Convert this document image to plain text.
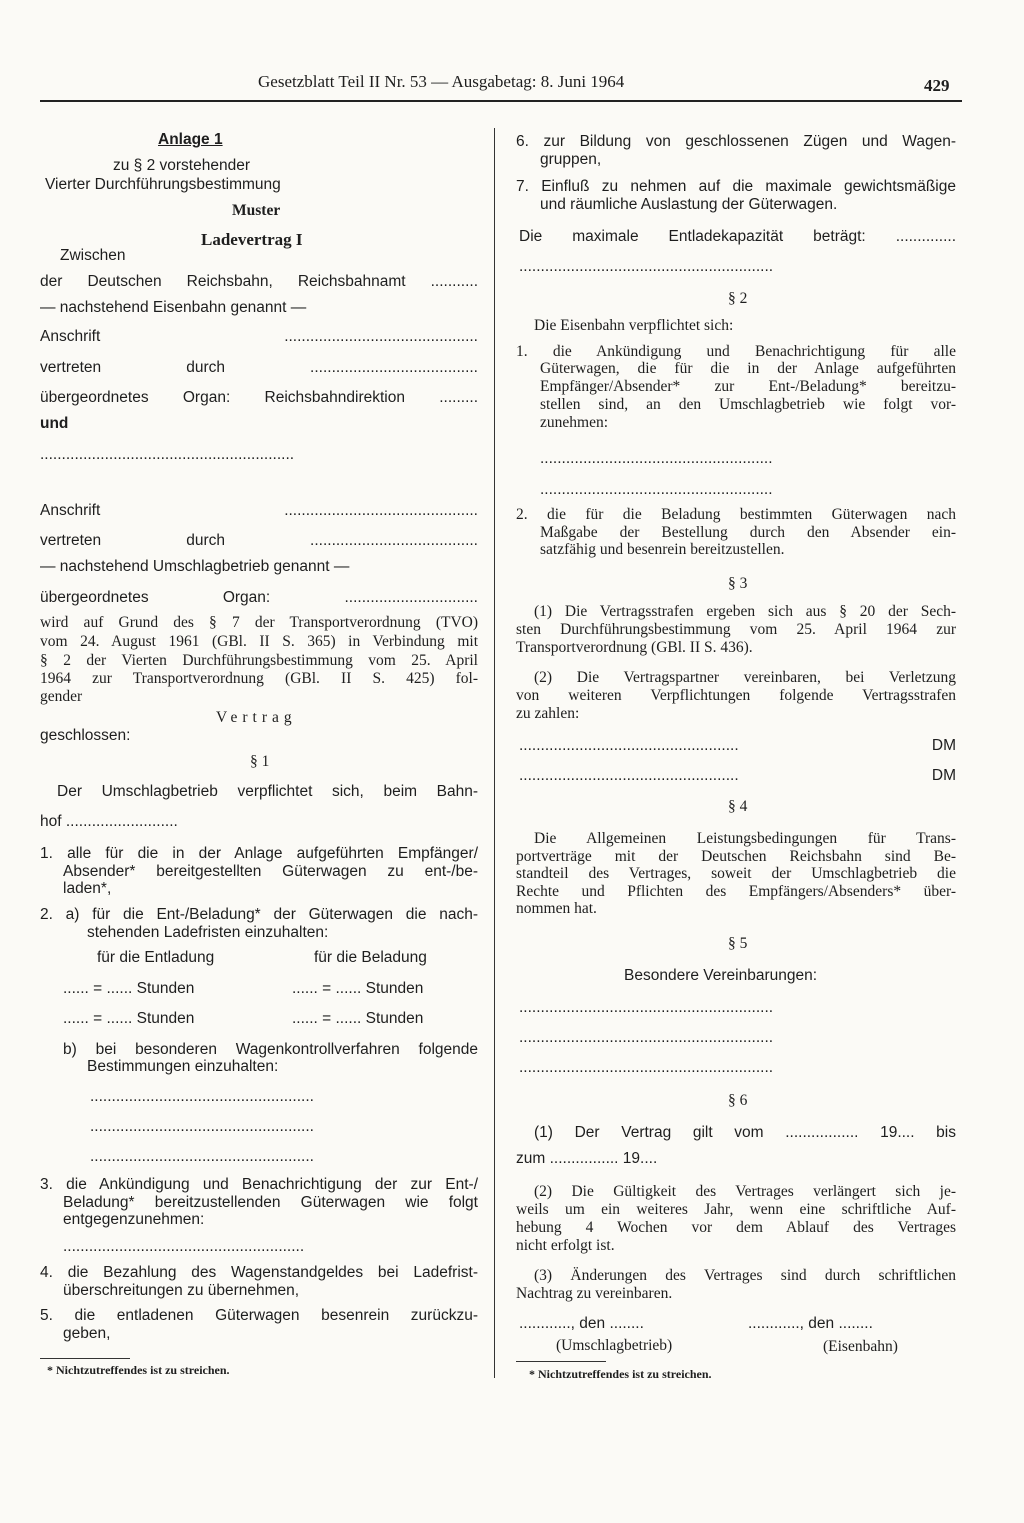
Gesetzblatt Teil II Nr. 53 — Ausgabetag: 8. Juni 1964	429
Anlage 1
zu § 2 vorstehender
Vierter Durchführungsbestimmung
Muster
Ladevertrag I
Zwischen
der Deutschen Reichsbahn, Reichsbahnamt ...........
— nachstehend Eisenbahn genannt —
Anschrift .............................................
vertreten durch .......................................
übergeordnetes Organ: Reichsbahndirektion .........
und
...........................................................
Anschrift .............................................
vertreten durch .......................................
— nachstehend Umschlagbetrieb genannt —
übergeordnetes Organ: ...............................
wird auf Grund des § 7 der Transportverordnung (TVO)
vom 24. August 1961 (GBl. II S. 365) in Verbindung mit
§ 2 der Vierten Durchführungsbestimmung vom 25. April
1964 zur Transportverordnung (GBl. II S. 425) fol-
gender
Vertrag
geschlossen:
§ 1
Der Umschlagbetrieb verpflichtet sich, beim Bahn-
hof ..........................
1. alle für die in der Anlage aufgeführten Empfänger/
Absender* bereitgestellten Güterwagen zu ent-/be-
laden*,
2. a) für die Ent-/Beladung* der Güterwagen die nach-
stehenden Ladefristen einzuhalten:
für die Entladung	für die Beladung
...... = ...... Stunden	...... = ...... Stunden
...... = ...... Stunden	...... = ...... Stunden
b) bei besonderen Wagenkontrollverfahren folgende
Bestimmungen einzuhalten:
....................................................
....................................................
....................................................
3. die Ankündigung und Benachrichtigung der zur Ent-/
Beladung* bereitzustellenden Güterwagen wie folgt
entgegenzunehmen:
........................................................
4. die Bezahlung des Wagenstandgeldes bei Ladefrist-
überschreitungen zu übernehmen,
5. die entladenen Güterwagen besenrein zurückzu-
geben,
* Nichtzutreffendes ist zu streichen.
6. zur Bildung von geschlossenen Zügen und Wagen-
gruppen,
7. Einfluß zu nehmen auf die maximale gewichtsmäßige
und räumliche Auslastung der Güterwagen.
Die maximale Entladekapazität beträgt: ..............
...........................................................
§ 2
Die Eisenbahn verpflichtet sich:
1. die Ankündigung und Benachrichtigung für alle
Güterwagen, die für die in der Anlage aufgeführten
Empfänger/Absender* zur Ent-/Beladung* bereitzu-
stellen sind, an den Umschlagbetrieb wie folgt vor-
zunehmen:
......................................................
......................................................
2. die für die Beladung bestimmten Güterwagen nach
Maßgabe der Bestellung durch den Absender ein-
satzfähig und besenrein bereitzustellen.
§ 3
(1) Die Vertragsstrafen ergeben sich aus § 20 der Sech-
sten Durchführungsbestimmung vom 25. April 1964 zur
Transportverordnung (GBl. II S. 436).
(2) Die Vertragspartner vereinbaren, bei Verletzung
von weiteren Verpflichtungen folgende Vertragsstrafen
zu zahlen:
................................................... DM
................................................... DM
§ 4
Die Allgemeinen Leistungsbedingungen für Trans-
portverträge mit der Deutschen Reichsbahn sind Be-
standteil des Vertrages, soweit der Umschlagbetrieb die
Rechte und Pflichten des Empfängers/Absenders* über-
nommen hat.
§ 5
Besondere Vereinbarungen:
...........................................................
...........................................................
...........................................................
§ 6
(1) Der Vertrag gilt vom ................. 19.... bis
zum ................ 19....
(2) Die Gültigkeit des Vertrages verlängert sich je-
weils um ein weiteres Jahr, wenn eine schriftliche Auf-
hebung 4 Wochen vor dem Ablauf des Vertrages
nicht erfolgt ist.
(3) Änderungen des Vertrages sind durch schriftlichen
Nachtrag zu vereinbaren.
............, den ........	............, den ........
(Umschlagbetrieb)	(Eisenbahn)
* Nichtzutreffendes ist zu streichen.
